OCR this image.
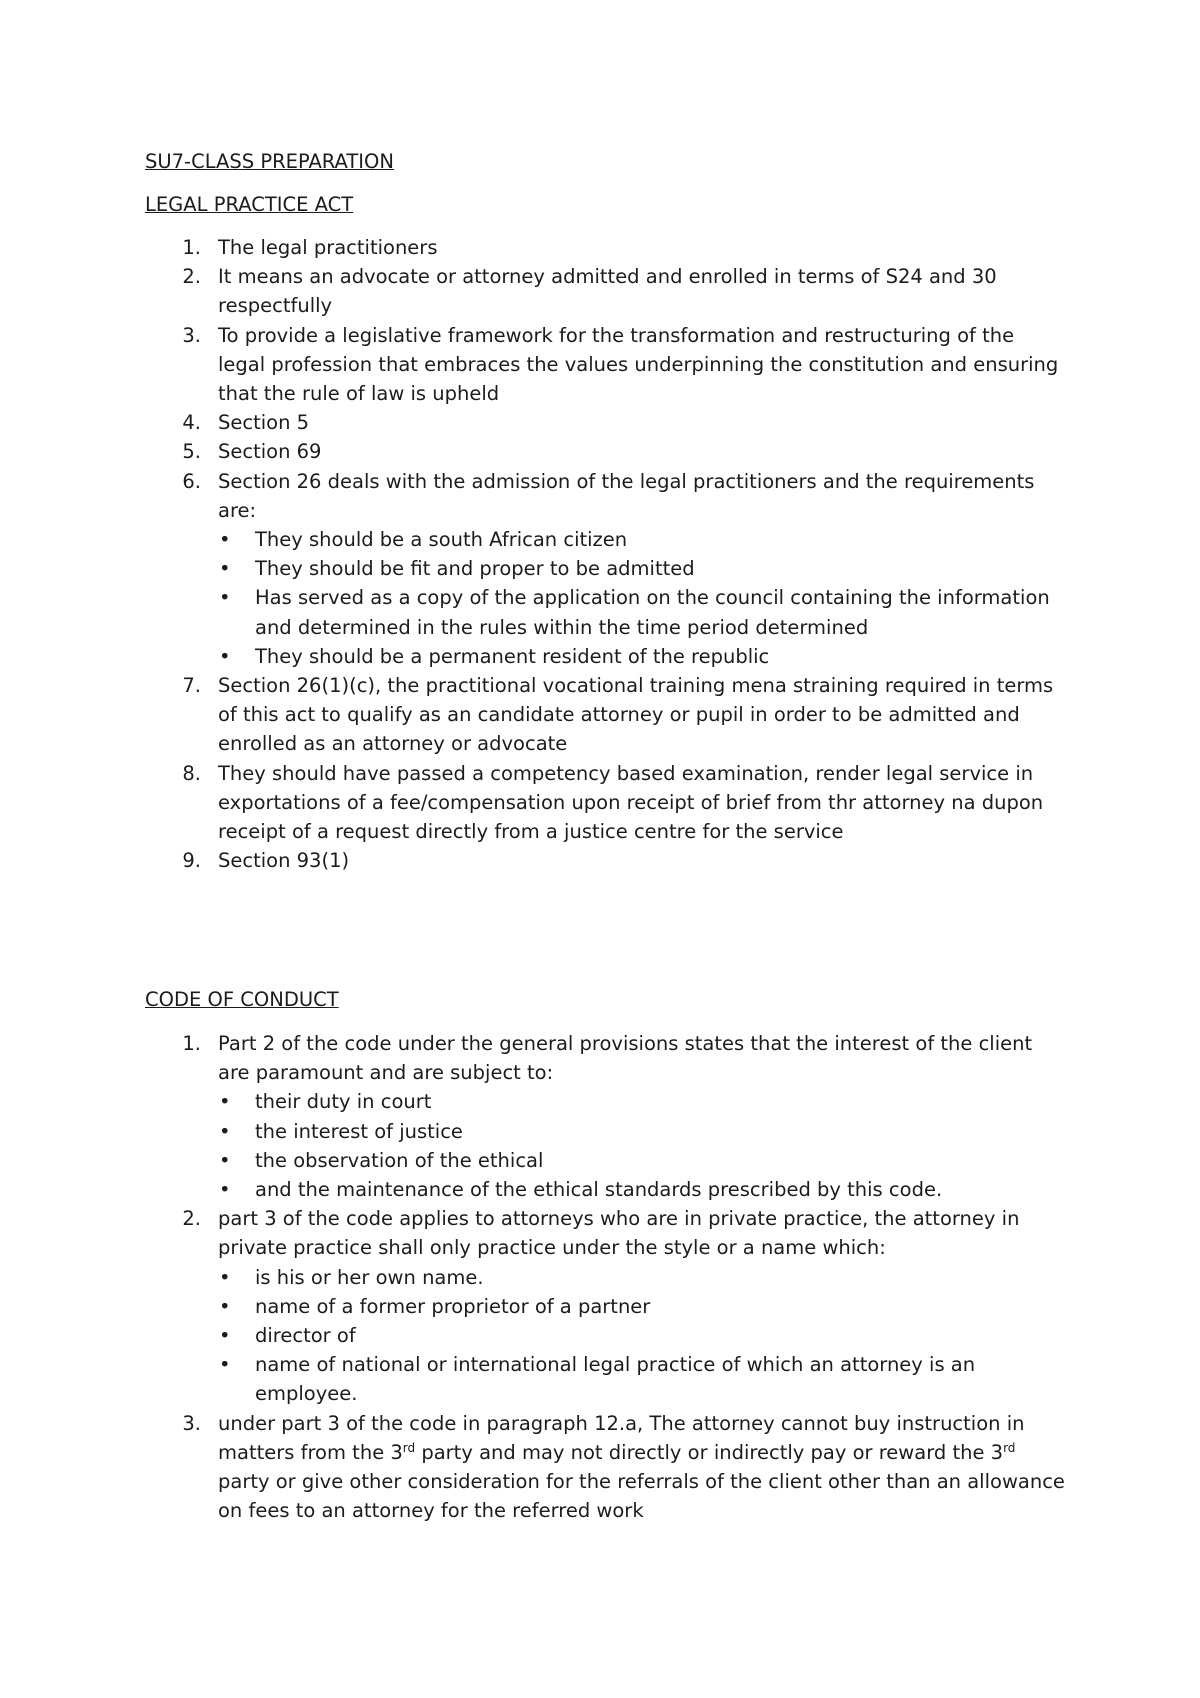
SU7-CLASS PREPARATION
LEGAL PRACTICE ACT
1. The legal practitioners
2. It means an advocate or attorney admitted and enrolled in terms of S24 and 30 respectfully
3. To provide a legislative framework for the transformation and restructuring of the legal profession that embraces the values underpinning the constitution and ensuring that the rule of law is upheld
4. Section 5
5. Section 69
6. Section 26 deals with the admission of the legal practitioners and the requirements are:
• They should be a south African citizen
• They should be fit and proper to be admitted
• Has served as a copy of the application on the council containing the information and determined in the rules within the time period determined
• They should be a permanent resident of the republic
7. Section 26(1)(c), the practitional vocational training mena straining required in terms of this act to qualify as an candidate attorney or pupil in order to be admitted and enrolled as an attorney or advocate
8. They should have passed a competency based examination, render legal service in exportations of a fee/compensation upon receipt of brief from thr attorney na dupon receipt of a request directly from a justice centre for the service
9. Section 93(1)
CODE OF CONDUCT
1. Part 2 of the code under the general provisions states that the interest of the client are paramount and are subject to:
• their duty in court
• the interest of justice
• the observation of the ethical
• and the maintenance of the ethical standards prescribed by this code.
2. part 3 of the code applies to attorneys who are in private practice, the attorney in private practice shall only practice under the style or a name which:
• is his or her own name.
• name of a former proprietor of a partner
• director of
• name of national or international legal practice of which an attorney is an employee.
3. under part 3 of the code in paragraph 12.a, The attorney cannot buy instruction in matters from the 3rd party and may not directly or indirectly pay or reward the 3rd party or give other consideration for the referrals of the client other than an allowance on fees to an attorney for the referred work
